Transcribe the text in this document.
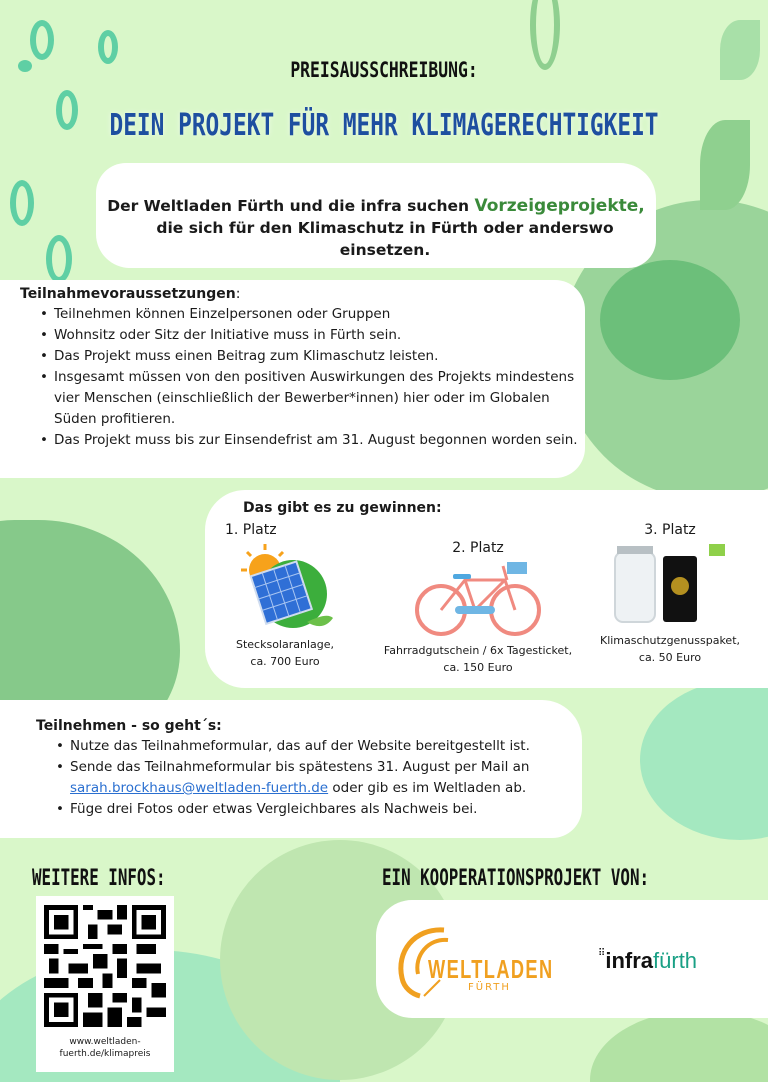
PREISAUSSCHREIBUNG:
DEIN PROJEKT FÜR MEHR KLIMAGERECHTIGKEIT

Der Weltladen Fürth und die infra suchen Vorzeigeprojekte,

die sich für den Klimaschutz in Fürth oder anderswo einsetzen.

Teilnahmevoraussetzungen:
• Teilnehmen können Einzelpersonen oder Gruppen
• Wohnsitz oder Sitz der Initiative muss in Fürth sein.
• Das Projekt muss einen Beitrag zum Klimaschutz leisten.
• Insgesamt müssen von den positiven Auswirkungen des Projekts mindestens vier Menschen (einschließlich der Bewerber*innen) hier oder im Globalen Süden profitieren.
• Das Projekt muss bis zur Einsendefrist am 31. August begonnen worden sein.
Das gibt es zu gewinnen:
1. Platz
Stecksolaranlage,
ca. 700 Euro
2. Platz
Fahrradgutschein / 6x Tagesticket,
ca. 150 Euro
3. Platz
Klimaschutzgenusspaket,
ca. 50 Euro
Teilnehmen - so geht´s:
• Nutze das Teilnahmeformular, das auf der Website bereitgestellt ist.
• Sende das Teilnahmeformular bis spätestens 31. August per Mail an sarah.brockhaus@weltladen-fuerth.de oder gib es im Weltladen ab.
• Füge drei Fotos oder etwas Vergleichbares als Nachweis bei.
WEITERE INFOS:
www.weltladen-
fuerth.de/klimapreis
EIN KOOPERATIONSPROJEKT VON:
WELTLADEN
FÜRTH
⠿infrafürth
